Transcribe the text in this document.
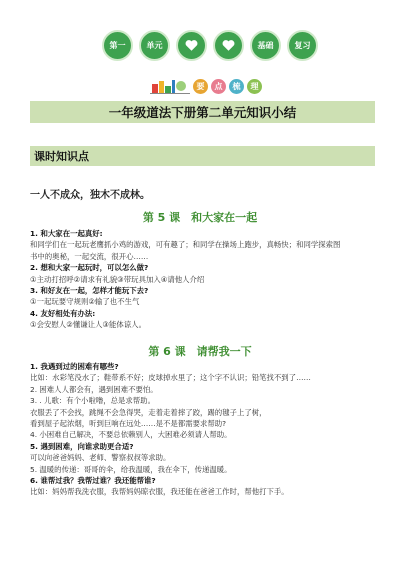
第一	单元	基础	复习
要	点	梳	理
一年级道法下册第二单元知识小结
课时知识点
一人不成众，独木不成林。
第 5 课　和大家在一起
1. 和大家在一起真好:
和同学们在一起玩老鹰抓小鸡的游戏，可有趣了；和同学在操场上跑步，真畅快；和同学探索图
书中的奥秘，一起交流，很开心……
2. 想和大家一起玩时，可以怎么做?
①主动打招呼②请求有礼貌③带玩具加入④请他人介绍
3. 和好友在一起，怎样才能玩下去?
①一起玩要守规则②输了也不生气
4. 友好相处有办法:
①会安慰人②懂谦让人③能体谅人。
第 6 课　请帮我一下
1. 我遇到过的困难有哪些?
比如：水彩笔没水了；鞋带系不好；皮球掉水里了；这个字不认识；铅笔找不到了……
2. 困难人人都会有，遇到困难不要怕。
3. . 儿歌：有个小啦噜，总是求帮助。
衣服丢了不会找，跳绳不会急得哭，走着走着摔了跤，踢的毽子上了树，
看到屋子起浓烟，听到巨响在远处……是不是都需要求帮助?
4. 小困难自己解决，不要总依赖别人，大困难必须请人帮助。
5. 遇到困难，向谁求助更合适?
可以向爸爸妈妈、老师、警察叔叔等求助。
5. 温暖的传递：哥哥的伞，给我温暖，我在伞下，传递温暖。
6. 谁帮过我？我帮过谁？我还能帮谁?
比如：妈妈帮我洗衣服，我帮妈妈晾衣服，我还能在爸爸工作时，帮他打下手。
